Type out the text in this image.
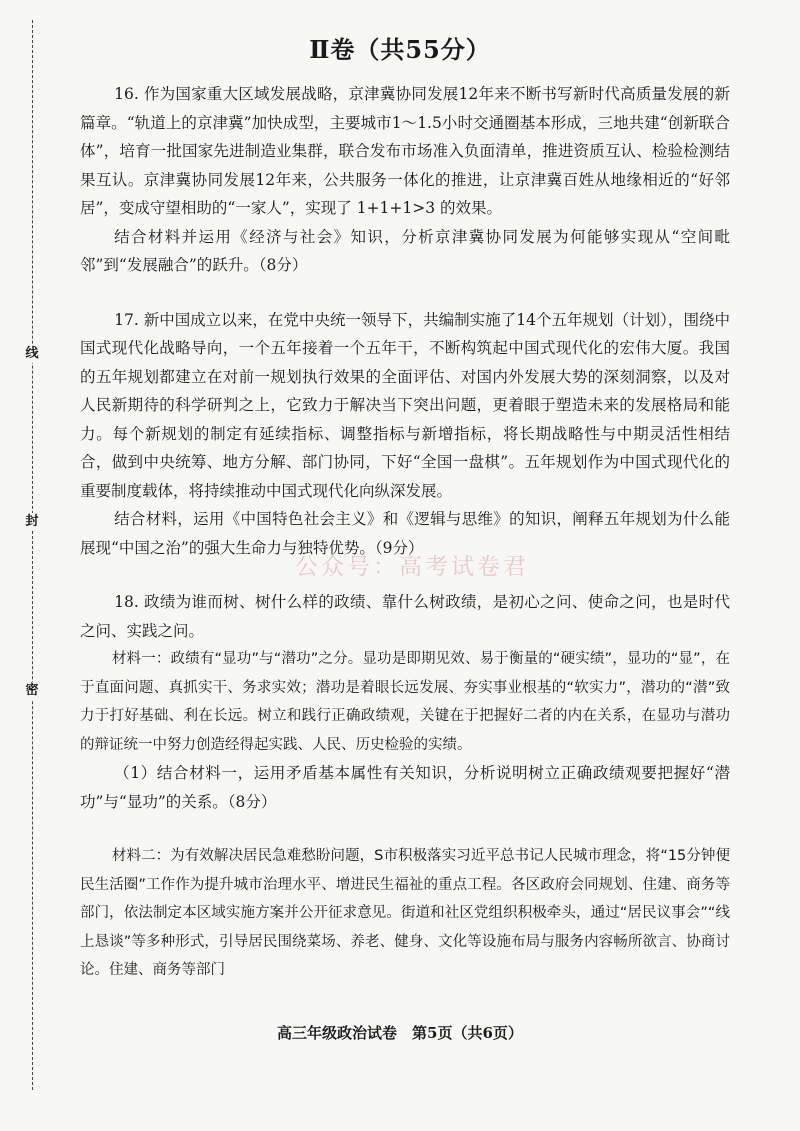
线
封
密
Ⅱ卷（共55分）

16. 作为国家重大区域发展战略，京津冀协同发展12年来不断书写新时代高质量发展的新篇章。“轨道上的京津冀”加快成型，主要城市1～1.5小时交通圈基本形成，三地共建“创新联合体”，培育一批国家先进制造业集群，联合发布市场准入负面清单，推进资质互认、检验检测结果互认。京津冀协同发展12年来，公共服务一体化的推进，让京津冀百姓从地缘相近的“好邻居”，变成守望相助的“一家人”，实现了 1+1+1>3 的效果。

结合材料并运用《经济与社会》知识，分析京津冀协同发展为何能够实现从“空间毗邻”到“发展融合”的跃升。（8分）

17. 新中国成立以来，在党中央统一领导下，共编制实施了14个五年规划（计划），围绕中国式现代化战略导向，一个五年接着一个五年干，不断构筑起中国式现代化的宏伟大厦。我国的五年规划都建立在对前一规划执行效果的全面评估、对国内外发展大势的深刻洞察，以及对人民新期待的科学研判之上，它致力于解决当下突出问题，更着眼于塑造未来的发展格局和能力。每个新规划的制定有延续指标、调整指标与新增指标，将长期战略性与中期灵活性相结合，做到中央统筹、地方分解、部门协同，下好“全国一盘棋”。五年规划作为中国式现代化的重要制度载体，将持续推动中国式现代化向纵深发展。

结合材料，运用《中国特色社会主义》和《逻辑与思维》的知识，阐释五年规划为什么能展现“中国之治”的强大生命力与独特优势。（9分）

18. 政绩为谁而树、树什么样的政绩、靠什么树政绩，是初心之问、使命之问，也是时代之问、实践之问。

材料一：政绩有“显功”与“潜功”之分。显功是即期见效、易于衡量的“硬实绩”，显功的“显”，在于直面问题、真抓实干、务求实效；潜功是着眼长远发展、夯实事业根基的“软实力”，潜功的“潜”致力于打好基础、利在长远。树立和践行正确政绩观，关键在于把握好二者的内在关系，在显功与潜功的辩证统一中努力创造经得起实践、人民、历史检验的实绩。

（1）结合材料一，运用矛盾基本属性有关知识，分析说明树立正确政绩观要把握好“潜功”与“显功”的关系。（8分）

材料二：为有效解决居民急难愁盼问题，S市积极落实习近平总书记人民城市理念，将“15分钟便民生活圈”工作作为提升城市治理水平、增进民生福祉的重点工程。各区政府会同规划、住建、商务等部门，依法制定本区域实施方案并公开征求意见。街道和社区党组织积极牵头，通过“居民议事会”“线上恳谈”等多种形式，引导居民围绕菜场、养老、健身、文化等设施布局与服务内容畅所欲言、协商讨论。住建、商务等部门

公众号：高考试卷君
高三年级政治试卷　第5页（共6页）
